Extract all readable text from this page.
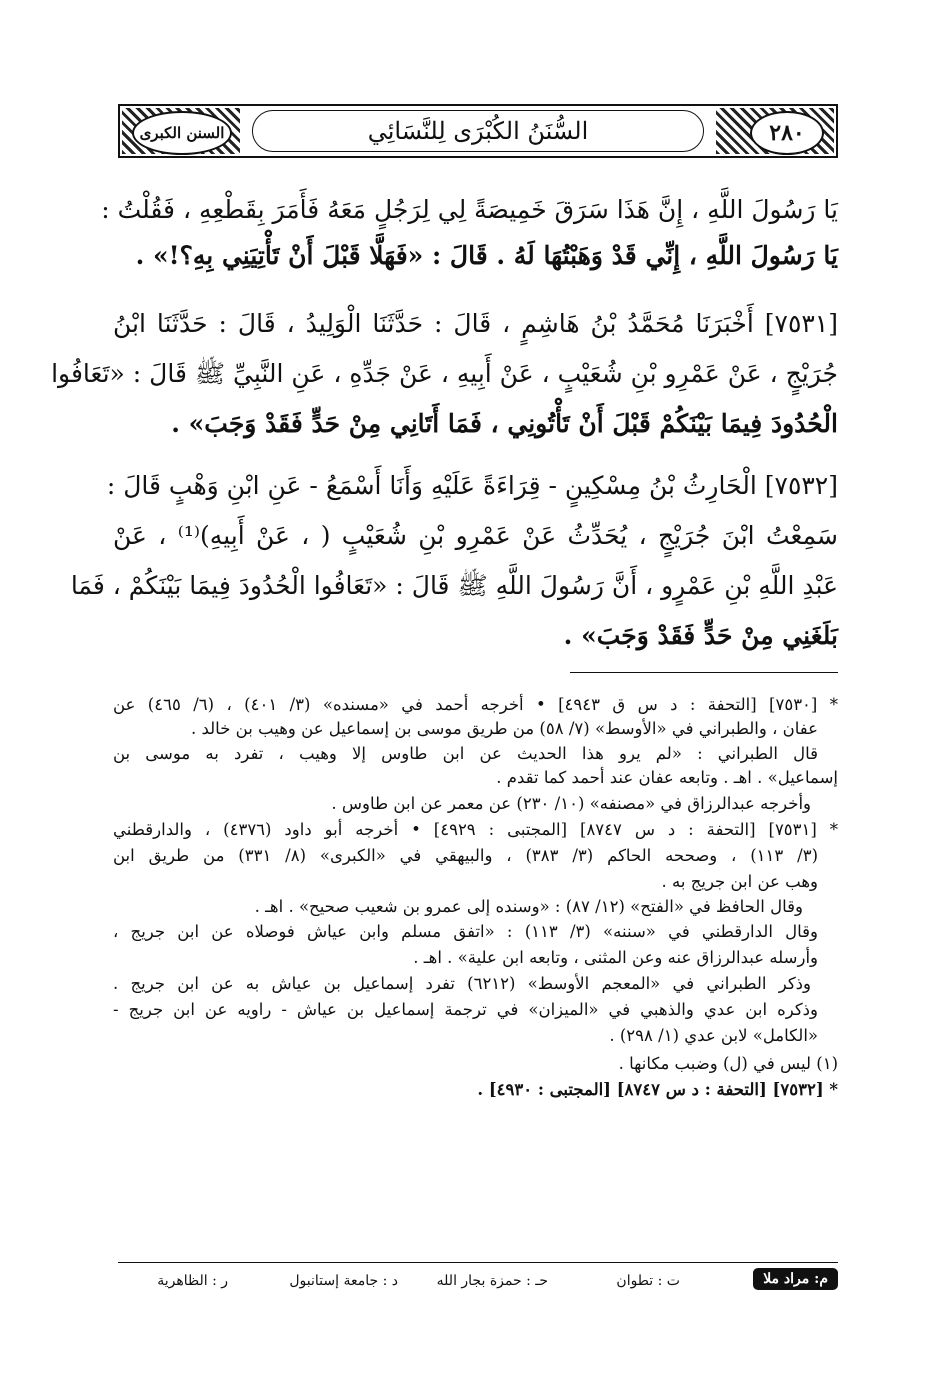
السنن الكبرى	٢٨٠
السُّنَنُ الكُبْرَى لِلنَّسَائِي
يَا رَسُولَ اللَّهِ ، إِنَّ هَذَا سَرَقَ خَمِيصَةً لِي لِرَجُلٍ مَعَهُ فَأَمَرَ بِقَطْعِهِ ، فَقُلْتُ :
يَا رَسُولَ اللَّهِ ، إِنِّي قَدْ وَهَبْتُهَا لَهُ . قَالَ : «فَهَلَّا قَبْلَ أَنْ تَأْتِيَنِي بِهِ؟!» .
[٧٥٣١] أَخْبَرَنَا مُحَمَّدُ بْنُ هَاشِمٍ ، قَالَ : حَدَّثَنَا الْوَلِيدُ ، قَالَ : حَدَّثَنَا ابْنُ
جُرَيْجٍ ، عَنْ عَمْرِو بْنِ شُعَيْبٍ ، عَنْ أَبِيهِ ، عَنْ جَدِّهِ ، عَنِ النَّبِيِّ ﷺ قَالَ : «تَعَافُوا
الْحُدُودَ فِيمَا بَيْنَكُمْ قَبْلَ أَنْ تَأْتُونِي ، فَمَا أَتَانِي مِنْ حَدٍّ فَقَدْ وَجَبَ» .
[٧٥٣٢] الْحَارِثُ بْنُ مِسْكِينٍ - قِرَاءَةً عَلَيْهِ وَأَنَا أَسْمَعُ - عَنِ ابْنِ وَهْبٍ قَالَ :
سَمِعْتُ ابْنَ جُرَيْجٍ ، يُحَدِّثُ عَنْ عَمْرِو بْنِ شُعَيْبٍ ( ، عَنْ أَبِيهِ)⁽¹⁾ ، عَنْ
عَبْدِ اللَّهِ بْنِ عَمْرٍو ، أَنَّ رَسُولَ اللَّهِ ﷺ قَالَ : «تَعَافُوا الْحُدُودَ فِيمَا بَيْنَكُمْ ، فَمَا
بَلَغَنِي مِنْ حَدٍّ فَقَدْ وَجَبَ» .
* [٧٥٣٠] [التحفة : د س ق ٤٩٤٣] • أخرجه أحمد في «مسنده» (٣/ ٤٠١) ، (٦/ ٤٦٥) عن
عفان ، والطبراني في «الأوسط» (٧/ ٥٨) من طريق موسى بن إسماعيل عن وهيب بن خالد .
قال الطبراني : «لم يرو هذا الحديث عن ابن طاوس إلا وهيب ، تفرد به موسى بن
إسماعيل» . اهـ . وتابعه عفان عند أحمد كما تقدم .
وأخرجه عبدالرزاق في «مصنفه» (١٠/ ٢٣٠) عن معمر عن ابن طاوس .
* [٧٥٣١] [التحفة : د س ٨٧٤٧] [المجتبى : ٤٩٢٩] • أخرجه أبو داود (٤٣٧٦) ، والدارقطني
(٣/ ١١٣) ، وصححه الحاكم (٣/ ٣٨٣) ، والبيهقي في «الكبرى» (٨/ ٣٣١) من طريق ابن
وهب عن ابن جريج به .
وقال الحافظ في «الفتح» (١٢/ ٨٧) : «وسنده إلى عمرو بن شعيب صحيح» . اهـ .
وقال الدارقطني في «سننه» (٣/ ١١٣) : «اتفق مسلم وابن عياش فوصلاه عن ابن جريج ،
وأرسله عبدالرزاق عنه وعن المثنى ، وتابعه ابن علية» . اهـ .
وذكر الطبراني في «المعجم الأوسط» (٦٢١٢) تفرد إسماعيل بن عياش به عن ابن جريج .
وذكره ابن عدي والذهبي في «الميزان» في ترجمة إسماعيل بن عياش - راويه عن ابن جريج -
«الكامل» لابن عدي (١/ ٢٩٨) .
(١) ليس في (ل) وضبب مكانها .
* [٧٥٣٢] [التحفة : د س ٨٧٤٧] [المجتبى : ٤٩٣٠] .
م: مراد ملا
ت : تطوان
حـ : حمزة بجار الله
د : جامعة إستانبول
ر : الظاهرية
